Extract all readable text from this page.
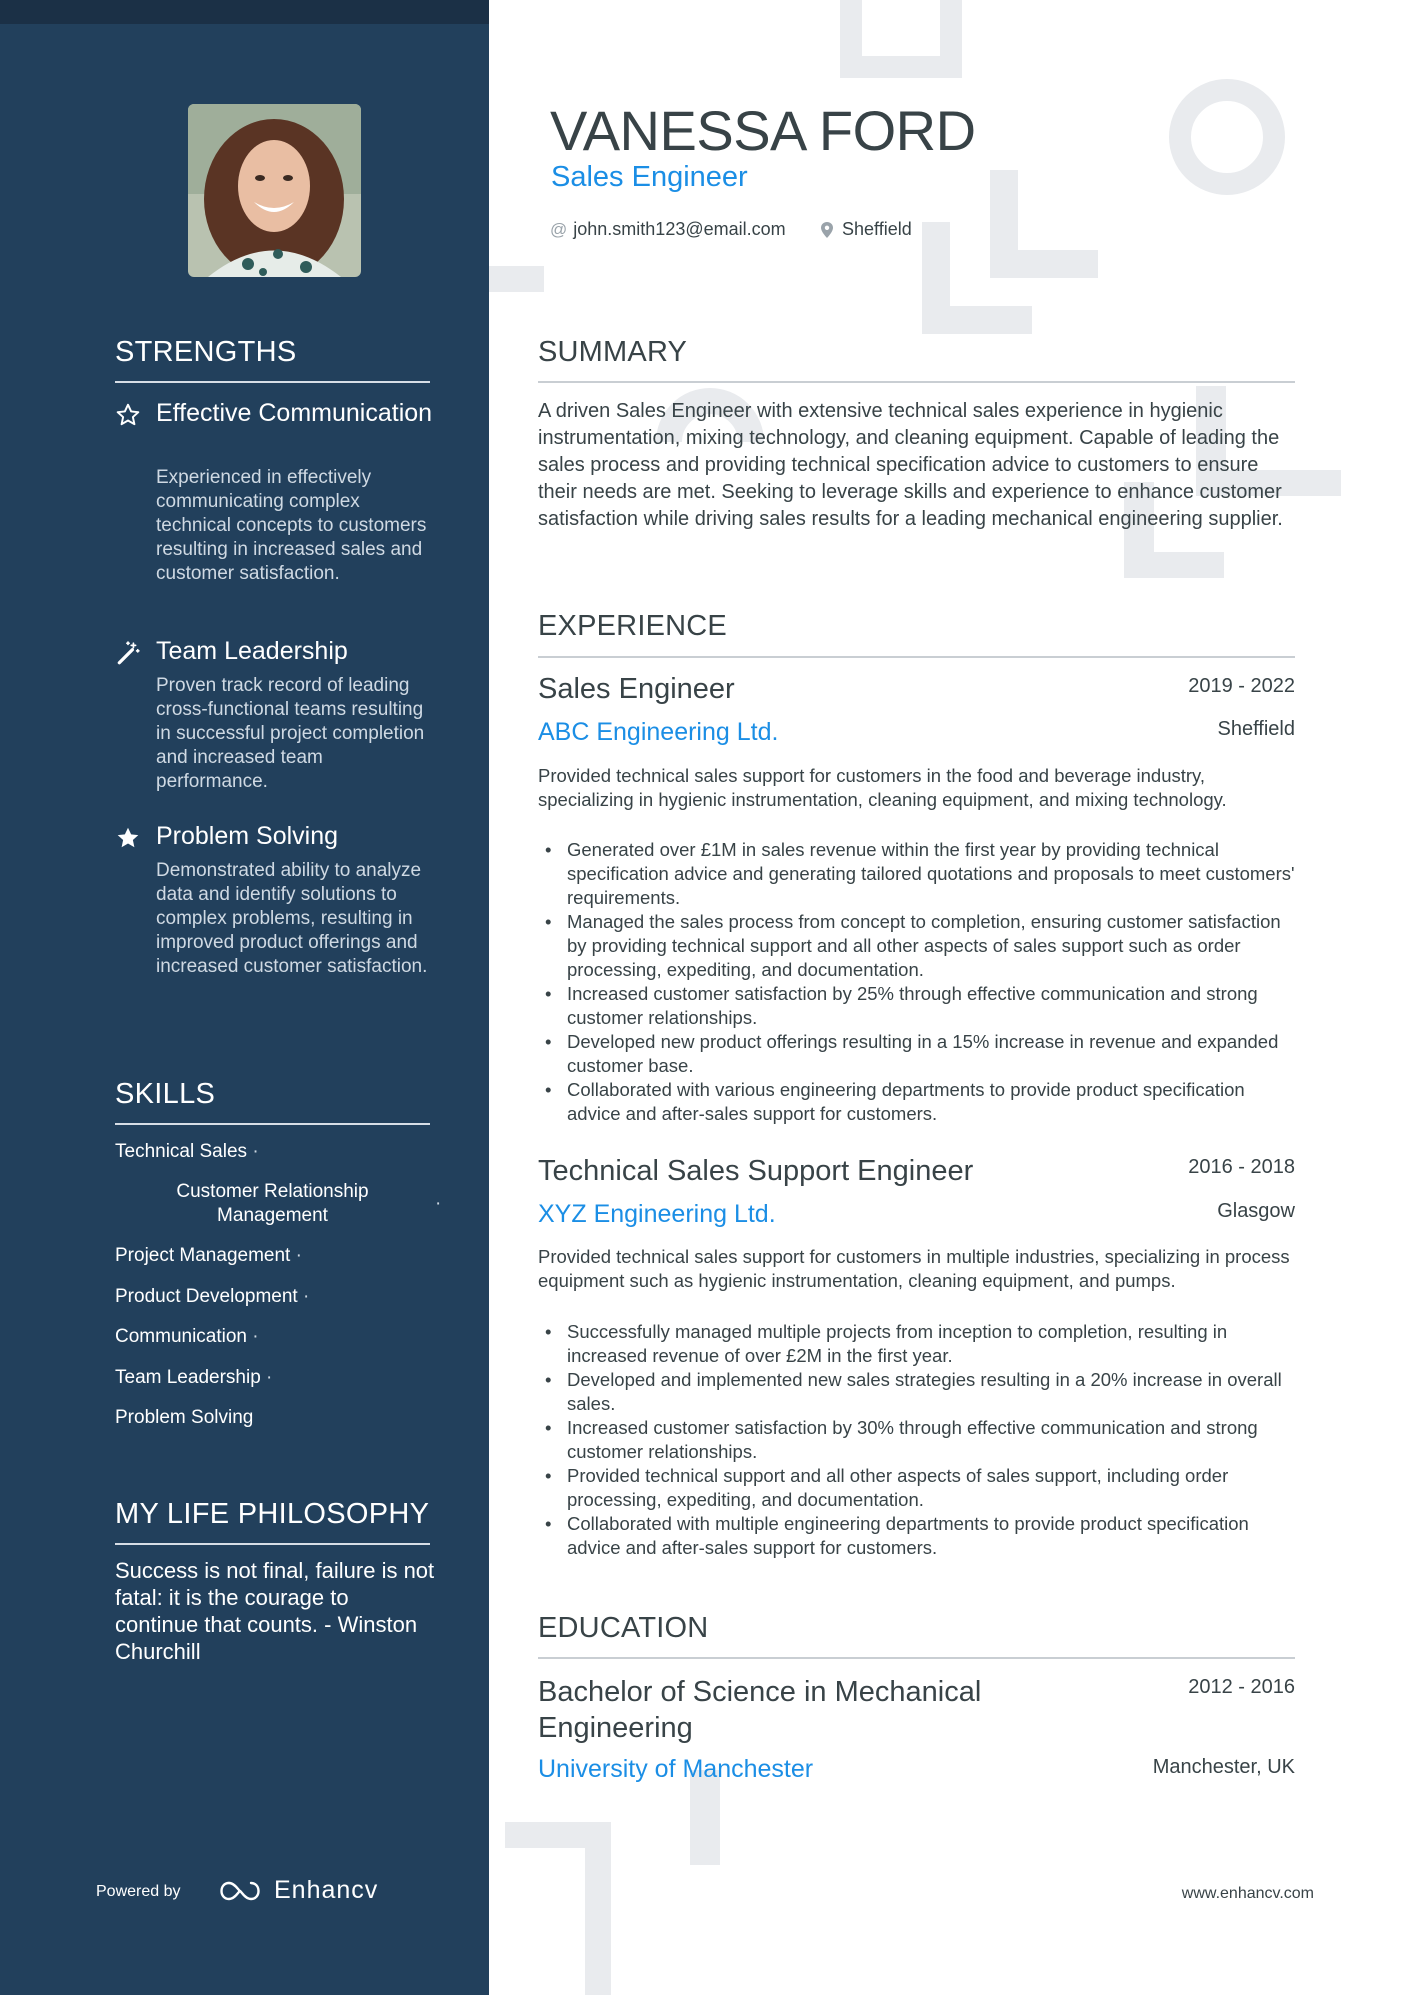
STRENGTHS
Effective Communication
Experienced in effectively communicating complex technical concepts to customers resulting in increased sales and customer satisfaction.
Team Leadership
Proven track record of leading cross-functional teams resulting in successful project completion and increased team performance.
Problem Solving
Demonstrated ability to analyze data and identify solutions to complex problems, resulting in improved product offerings and increased customer satisfaction.
SKILLS
Technical Sales ·
Customer Relationship Management
·
Project Management ·
Product Development ·
Communication ·
Team Leadership ·
Problem Solving
MY LIFE PHILOSOPHY
Success is not final, failure is not fatal: it is the courage to continue that counts. - Winston Churchill
Powered by	Enhancv
VANESSA FORD
Sales Engineer
@ john.smith123@email.com	Sheffield
SUMMARY
A driven Sales Engineer with extensive technical sales experience in hygienic instrumentation, mixing technology, and cleaning equipment. Capable of leading the sales process and providing technical specification advice to customers to ensure their needs are met. Seeking to leverage skills and experience to enhance customer satisfaction while driving sales results for a leading mechanical engineering supplier.
EXPERIENCE
Sales Engineer	2019 - 2022
ABC Engineering Ltd.	Sheffield
Provided technical sales support for customers in the food and beverage industry, specializing in hygienic instrumentation, cleaning equipment, and mixing technology.
• Generated over £1M in sales revenue within the first year by providing technical specification advice and generating tailored quotations and proposals to meet customers' requirements.
• Managed the sales process from concept to completion, ensuring customer satisfaction by providing technical support and all other aspects of sales support such as order processing, expediting, and documentation.
• Increased customer satisfaction by 25% through effective communication and strong customer relationships.
• Developed new product offerings resulting in a 15% increase in revenue and expanded customer base.
• Collaborated with various engineering departments to provide product specification advice and after-sales support for customers.
Technical Sales Support Engineer	2016 - 2018
XYZ Engineering Ltd.	Glasgow
Provided technical sales support for customers in multiple industries, specializing in process equipment such as hygienic instrumentation, cleaning equipment, and pumps.
• Successfully managed multiple projects from inception to completion, resulting in increased revenue of over £2M in the first year.
• Developed and implemented new sales strategies resulting in a 20% increase in overall sales.
• Increased customer satisfaction by 30% through effective communication and strong customer relationships.
• Provided technical support and all other aspects of sales support, including order processing, expediting, and documentation.
• Collaborated with multiple engineering departments to provide product specification advice and after-sales support for customers.
EDUCATION
Bachelor of Science in Mechanical Engineering
2012 - 2016
University of Manchester	Manchester, UK
www.enhancv.com
